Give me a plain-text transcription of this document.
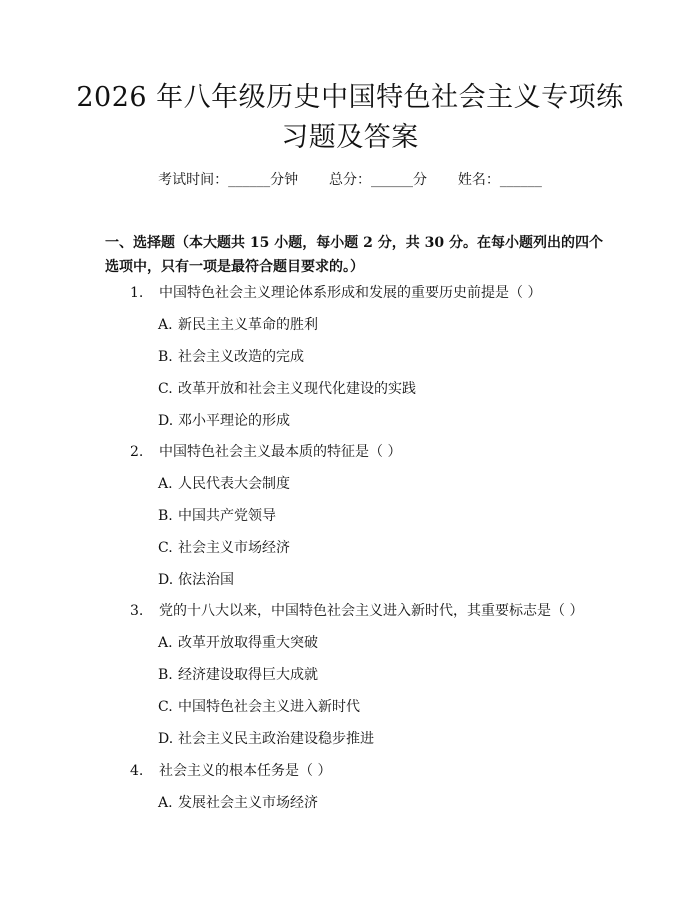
2026 年八年级历史中国特色社会主义专项练
习题及答案
考试时间：______分钟 总分：______分 姓名：______
一、选择题（本大题共 15 小题，每小题 2 分，共 30 分。在每小题列出的四个选项中，只有一项是最符合题目要求的。）
1. 中国特色社会主义理论体系形成和发展的重要历史前提是（ ）
A. 新民主主义革命的胜利
B. 社会主义改造的完成
C. 改革开放和社会主义现代化建设的实践
D. 邓小平理论的形成
2. 中国特色社会主义最本质的特征是（ ）
A. 人民代表大会制度
B. 中国共产党领导
C. 社会主义市场经济
D. 依法治国
3. 党的十八大以来，中国特色社会主义进入新时代，其重要标志是（ ）
A. 改革开放取得重大突破
B. 经济建设取得巨大成就
C. 中国特色社会主义进入新时代
D. 社会主义民主政治建设稳步推进
4. 社会主义的根本任务是（ ）
A. 发展社会主义市场经济
